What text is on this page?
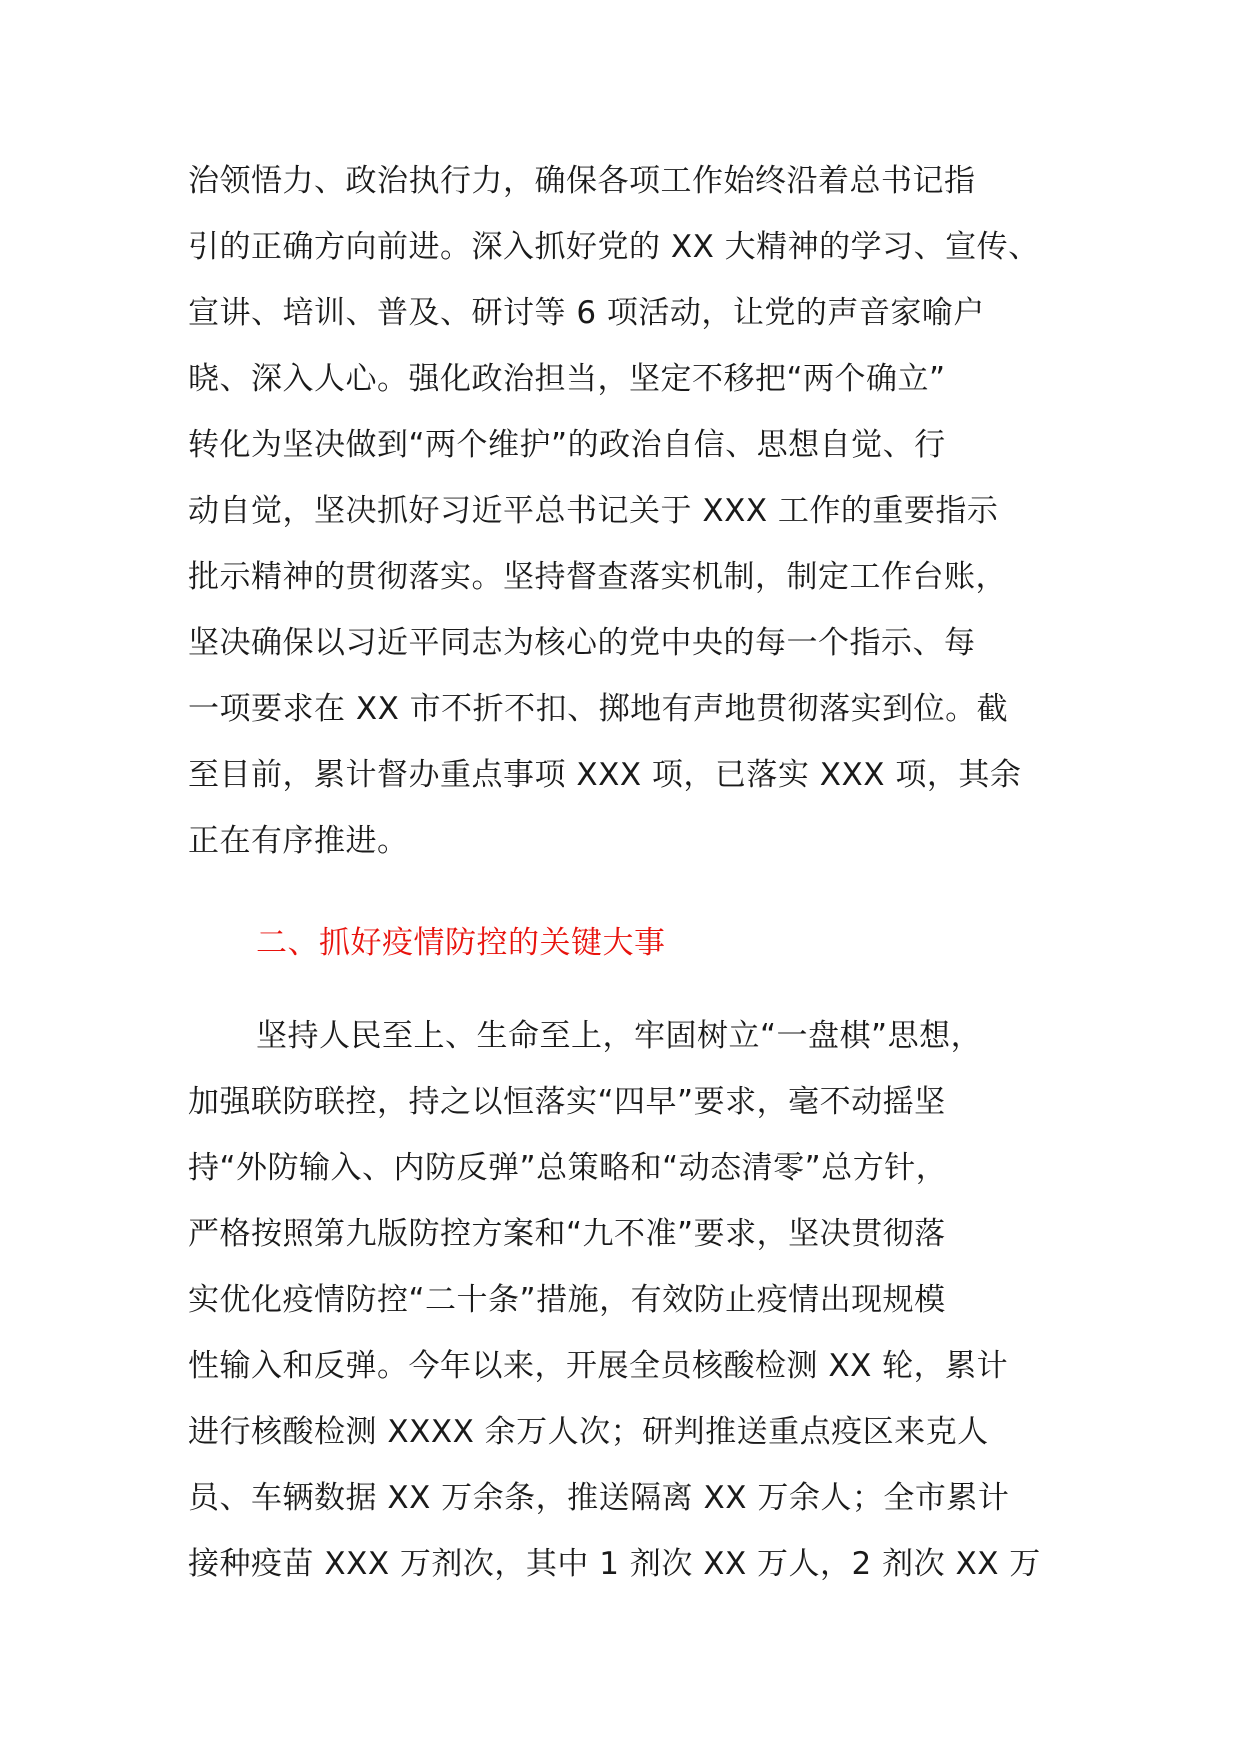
治领悟力、政治执行力，确保各项工作始终沿着总书记指
引的正确方向前进。深入抓好党的 XX 大精神的学习、宣传、
宣讲、培训、普及、研讨等 6 项活动，让党的声音家喻户
晓、深入人心。强化政治担当，坚定不移把“两个确立”
转化为坚决做到“两个维护”的政治自信、思想自觉、行
动自觉，坚决抓好习近平总书记关于 XXX 工作的重要指示
批示精神的贯彻落实。坚持督查落实机制，制定工作台账，
坚决确保以习近平同志为核心的党中央的每一个指示、每
一项要求在 XX 市不折不扣、掷地有声地贯彻落实到位。截
至目前，累计督办重点事项 XXX 项，已落实 XXX 项，其余
正在有序推进。
二、抓好疫情防控的关键大事
坚持人民至上、生命至上，牢固树立“一盘棋”思想，
加强联防联控，持之以恒落实“四早”要求，毫不动摇坚
持“外防输入、内防反弹”总策略和“动态清零”总方针，
严格按照第九版防控方案和“九不准”要求，坚决贯彻落
实优化疫情防控“二十条”措施，有效防止疫情出现规模
性输入和反弹。今年以来，开展全员核酸检测 XX 轮，累计
进行核酸检测 XXXX 余万人次；研判推送重点疫区来克人
员、车辆数据 XX 万余条，推送隔离 XX 万余人；全市累计
接种疫苗 XXX 万剂次，其中 1 剂次 XX 万人，2 剂次 XX 万
